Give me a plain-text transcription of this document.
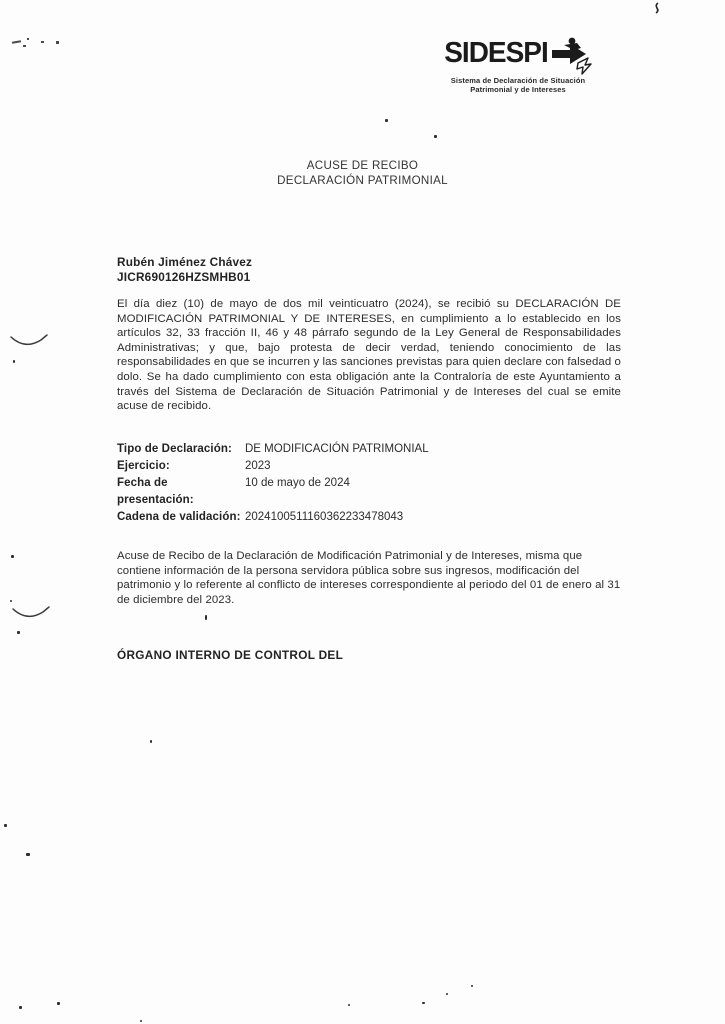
SIDESPI
Sistema de Declaración de Situación
Patrimonial y de Intereses
ACUSE DE RECIBO
DECLARACIÓN PATRIMONIAL
Rubén Jiménez Chávez
JICR690126HZSMHB01

El día diez (10) de mayo de dos mil veinticuatro (2024), se recibió su DECLARACIÓN DE MODIFICACIÓN PATRIMONIAL Y DE INTERESES, en cumplimiento a lo establecido en los artículos 32, 33 fracción II, 46 y 48 párrafo segundo de la Ley General de Responsabilidades Administrativas; y que, bajo protesta de decir verdad, teniendo conocimiento de las responsabilidades en que se incurren y las sanciones previstas para quien declare con falsedad o dolo. Se ha dado cumplimiento con esta obligación ante la Contraloría de este Ayuntamiento a través del Sistema de Declaración de Situación Patrimonial y de Intereses del cual se emite acuse de recibido.

Tipo de Declaración:	DE MODIFICACIÓN PATRIMONIAL
Ejercicio:	2023
Fecha de presentación:
10 de mayo de 2024
Cadena de validación: 2024100511160362233478043

Acuse de Recibo de la Declaración de Modificación Patrimonial y de Intereses, misma que contiene información de la persona servidora pública sobre sus ingresos, modificación del patrimonio y lo referente al conflicto de intereses correspondiente al periodo del 01 de enero al 31 de diciembre del 2023.

ÓRGANO INTERNO DE CONTROL DEL
